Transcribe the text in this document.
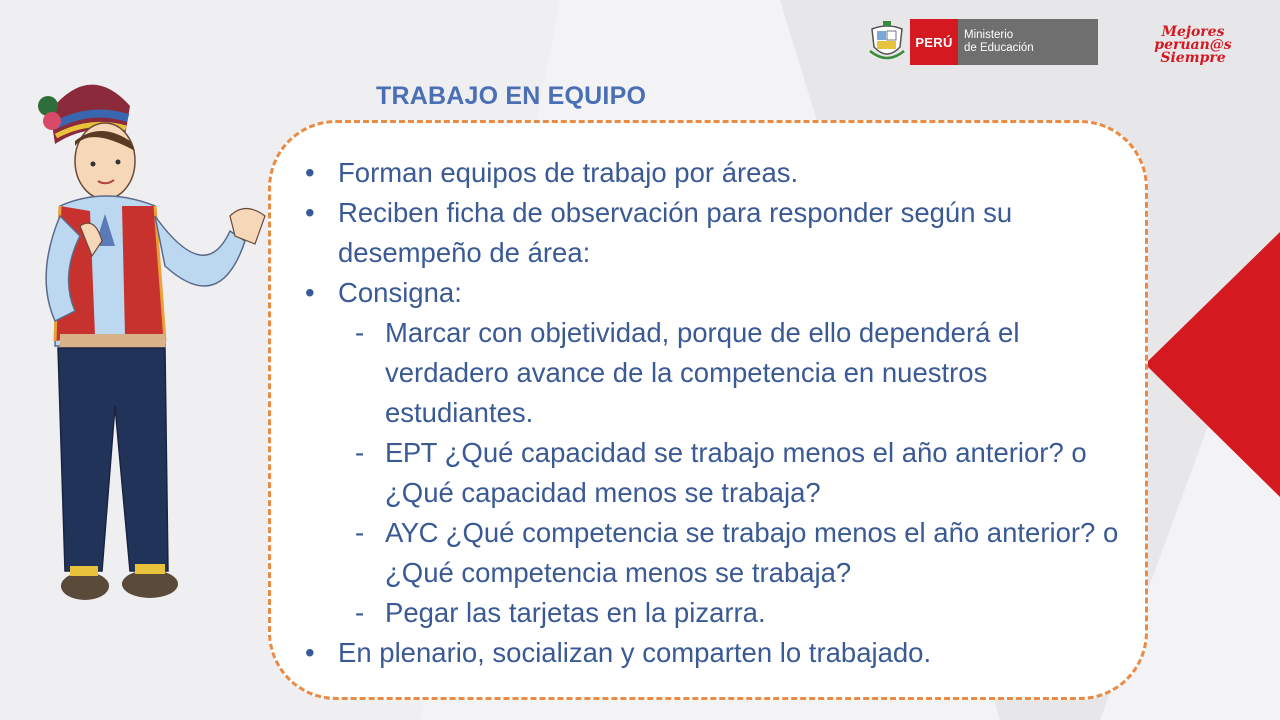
PERÚ Ministerio
de Educación
Mejores
peruan@s
Siempre
TRABAJO EN EQUIPO
• Forman equipos de trabajo por áreas.
• Reciben ficha de observación para responder según su desempeño de área:
• Consigna:
- Marcar con objetividad, porque de ello dependerá el verdadero avance de la competencia en nuestros estudiantes.
- EPT ¿Qué capacidad se trabajo menos el año anterior? o ¿Qué capacidad menos se trabaja?
- AYC ¿Qué competencia se trabajo menos el año anterior? o ¿Qué competencia menos se trabaja?
- Pegar las tarjetas en la pizarra.
• En plenario, socializan y comparten lo trabajado.
